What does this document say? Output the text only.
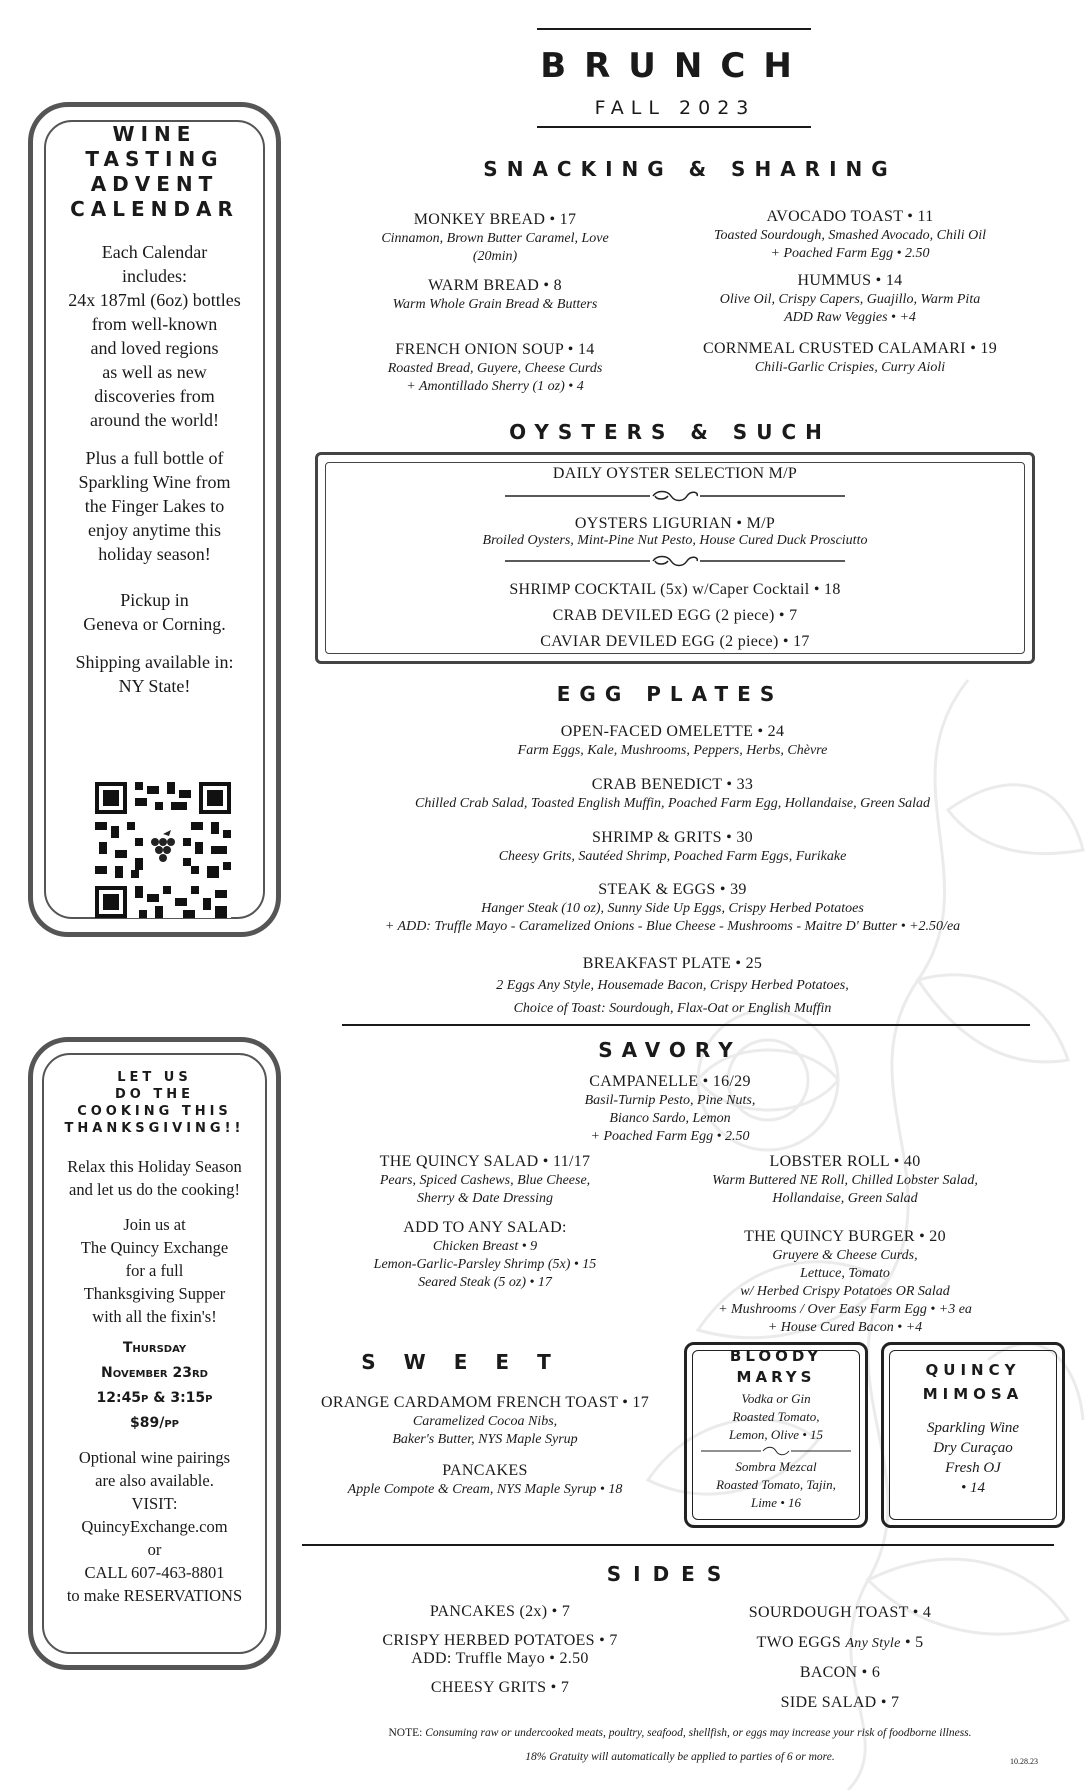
BRUNCH
FALL 2023
WINE
TASTING
ADVENT
CALENDAR
Each Calendar
includes:
24x 187ml (6oz) bottles
from well-known
and loved regions
as well as new
discoveries from
around the world!
Plus a full bottle of
Sparkling Wine from
the Finger Lakes to
enjoy anytime this
holiday season!
Pickup in
Geneva or Corning.
Shipping available in:
NY State!
LET US
DO THE
COOKING THIS
THANKSGIVING!!
Relax this Holiday Season
and let us do the cooking!
Join us at
The Quincy Exchange
for a full
Thanksgiving Supper
with all the fixin's!
Thursday
November 23rd
12:45p & 3:15p
$89/pp
Optional wine pairings
are also available.
VISIT:
QuincyExchange.com
or
CALL 607-463-8801
to make RESERVATIONS
SNACKING & SHARING
MONKEY BREAD • 17
Cinnamon, Brown Butter Caramel, Love
(20min)
WARM BREAD • 8
Warm Whole Grain Bread & Butters
FRENCH ONION SOUP • 14
Roasted Bread, Guyere, Cheese Curds
+ Amontillado Sherry (1 oz) • 4
AVOCADO TOAST • 11
Toasted Sourdough, Smashed Avocado, Chili Oil
+ Poached Farm Egg • 2.50
HUMMUS • 14
Olive Oil, Crispy Capers, Guajillo, Warm Pita
ADD Raw Veggies • +4
CORNMEAL CRUSTED CALAMARI • 19
Chili-Garlic Crispies, Curry Aioli
OYSTERS & SUCH
DAILY OYSTER SELECTION M/P
OYSTERS LIGURIAN • M/P
Broiled Oysters, Mint-Pine Nut Pesto, House Cured Duck Prosciutto
SHRIMP COCKTAIL (5x) w/Caper Cocktail • 18
CRAB DEVILED EGG (2 piece) • 7
CAVIAR DEVILED EGG (2 piece) • 17
EGG PLATES
OPEN-FACED OMELETTE • 24
Farm Eggs, Kale, Mushrooms, Peppers, Herbs, Chèvre
CRAB BENEDICT • 33
Chilled Crab Salad, Toasted English Muffin, Poached Farm Egg, Hollandaise, Green Salad
SHRIMP & GRITS • 30
Cheesy Grits, Sautéed Shrimp, Poached Farm Eggs, Furikake
STEAK & EGGS • 39
Hanger Steak (10 oz), Sunny Side Up Eggs, Crispy Herbed Potatoes
+ ADD: Truffle Mayo - Caramelized Onions - Blue Cheese - Mushrooms - Maitre D' Butter • +2.50/ea
BREAKFAST PLATE • 25
2 Eggs Any Style, Housemade Bacon, Crispy Herbed Potatoes,
Choice of Toast: Sourdough, Flax-Oat or English Muffin
SAVORY
CAMPANELLE • 16/29
Basil-Turnip Pesto, Pine Nuts,
Bianco Sardo, Lemon
+ Poached Farm Egg • 2.50
THE QUINCY SALAD • 11/17
Pears, Spiced Cashews, Blue Cheese,
Sherry & Date Dressing
ADD TO ANY SALAD:
Chicken Breast • 9
Lemon-Garlic-Parsley Shrimp (5x) • 15
Seared Steak (5 oz) • 17
LOBSTER ROLL • 40
Warm Buttered NE Roll, Chilled Lobster Salad,
Hollandaise, Green Salad
THE QUINCY BURGER • 20
Gruyere & Cheese Curds,
Lettuce, Tomato
w/ Herbed Crispy Potatoes OR Salad
+ Mushrooms / Over Easy Farm Egg • +3 ea
+ House Cured Bacon • +4
SWEET
ORANGE CARDAMOM FRENCH TOAST • 17
Caramelized Cocoa Nibs,
Baker's Butter, NYS Maple Syrup
PANCAKES
Apple Compote & Cream, NYS Maple Syrup • 18
BLOODY
MARYS
Vodka or Gin
Roasted Tomato,
Lemon, Olive • 15
Sombra Mezcal
Roasted Tomato, Tajin,
Lime • 16
QUINCY
MIMOSA
Sparkling Wine
Dry Curaçao
Fresh OJ
• 14
SIDES
PANCAKES (2x) • 7
CRISPY HERBED POTATOES • 7
ADD: Truffle Mayo • 2.50
CHEESY GRITS • 7
SOURDOUGH TOAST • 4
TWO EGGS Any Style • 5
BACON • 6
SIDE SALAD • 7
NOTE: Consuming raw or undercooked meats, poultry, seafood, shellfish, or eggs may increase your risk of foodborne illness.
18% Gratuity will automatically be applied to parties of 6 or more.	10.28.23
